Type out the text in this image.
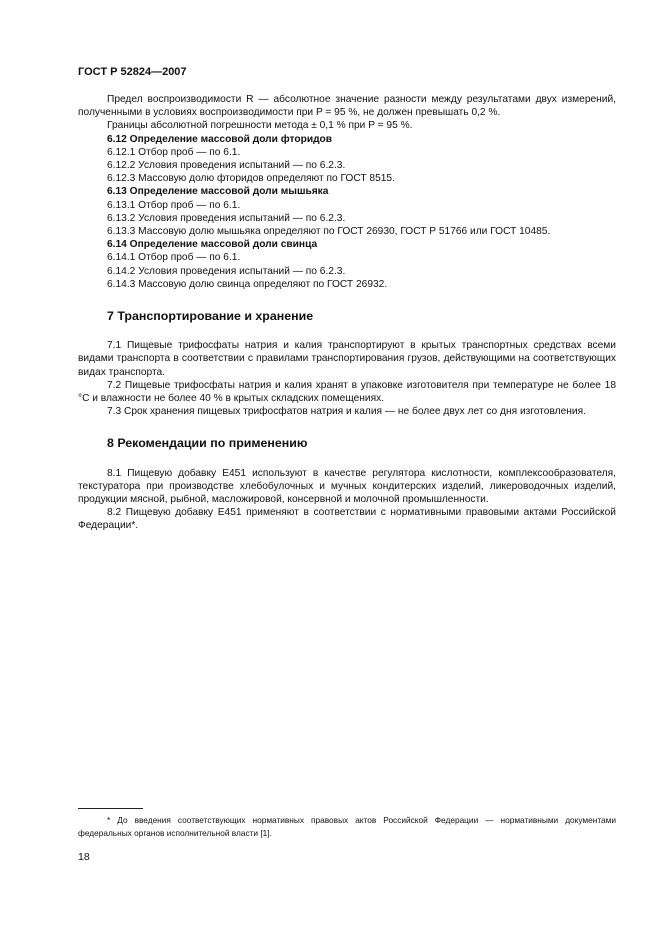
ГОСТ Р 52824—2007

Предел воспроизводимости R — абсолютное значение разности между результатами двух измерений, полученными в условиях воспроизводимости при P = 95 %, не должен превышать 0,2 %.

Границы абсолютной погрешности метода ± 0,1 % при P = 95 %.

6.12 Определение массовой доли фторидов

6.12.1 Отбор проб — по 6.1.

6.12.2 Условия проведения испытаний — по 6.2.3.

6.12.3 Массовую долю фторидов определяют по ГОСТ 8515.

6.13 Определение массовой доли мышьяка

6.13.1 Отбор проб — по 6.1.

6.13.2 Условия проведения испытаний — по 6.2.3.

6.13.3 Массовую долю мышьяка определяют по ГОСТ 26930, ГОСТ Р 51766 или ГОСТ 10485.

6.14 Определение массовой доли свинца

6.14.1 Отбор проб — по 6.1.

6.14.2 Условия проведения испытаний — по 6.2.3.

6.14.3 Массовую долю свинца определяют по ГОСТ 26932.

7 Транспортирование и хранение

7.1 Пищевые трифосфаты натрия и калия транспортируют в крытых транспортных средствах всеми видами транспорта в соответствии с правилами транспортирования грузов, действующими на соответствующих видах транспорта.

7.2 Пищевые трифосфаты натрия и калия хранят в упаковке изготовителя при температуре не более 18 °С и влажности не более 40 % в крытых складских помещениях.

7.3 Срок хранения пищевых трифосфатов натрия и калия — не более двух лет со дня изготовления.

8 Рекомендации по применению

8.1 Пищевую добавку Е451 используют в качестве регулятора кислотности, комплексообразователя, текстуратора при производстве хлебобулочных и мучных кондитерских изделий, ликероводочных изделий, продукции мясной, рыбной, масложировой, консервной и молочной промышленности.

8.2 Пищевую добавку Е451 применяют в соответствии с нормативными правовыми актами Российской Федерации*.

* До введения соответствующих нормативных правовых актов Российской Федерации — нормативными документами федеральных органов исполнительной власти [1].
18
